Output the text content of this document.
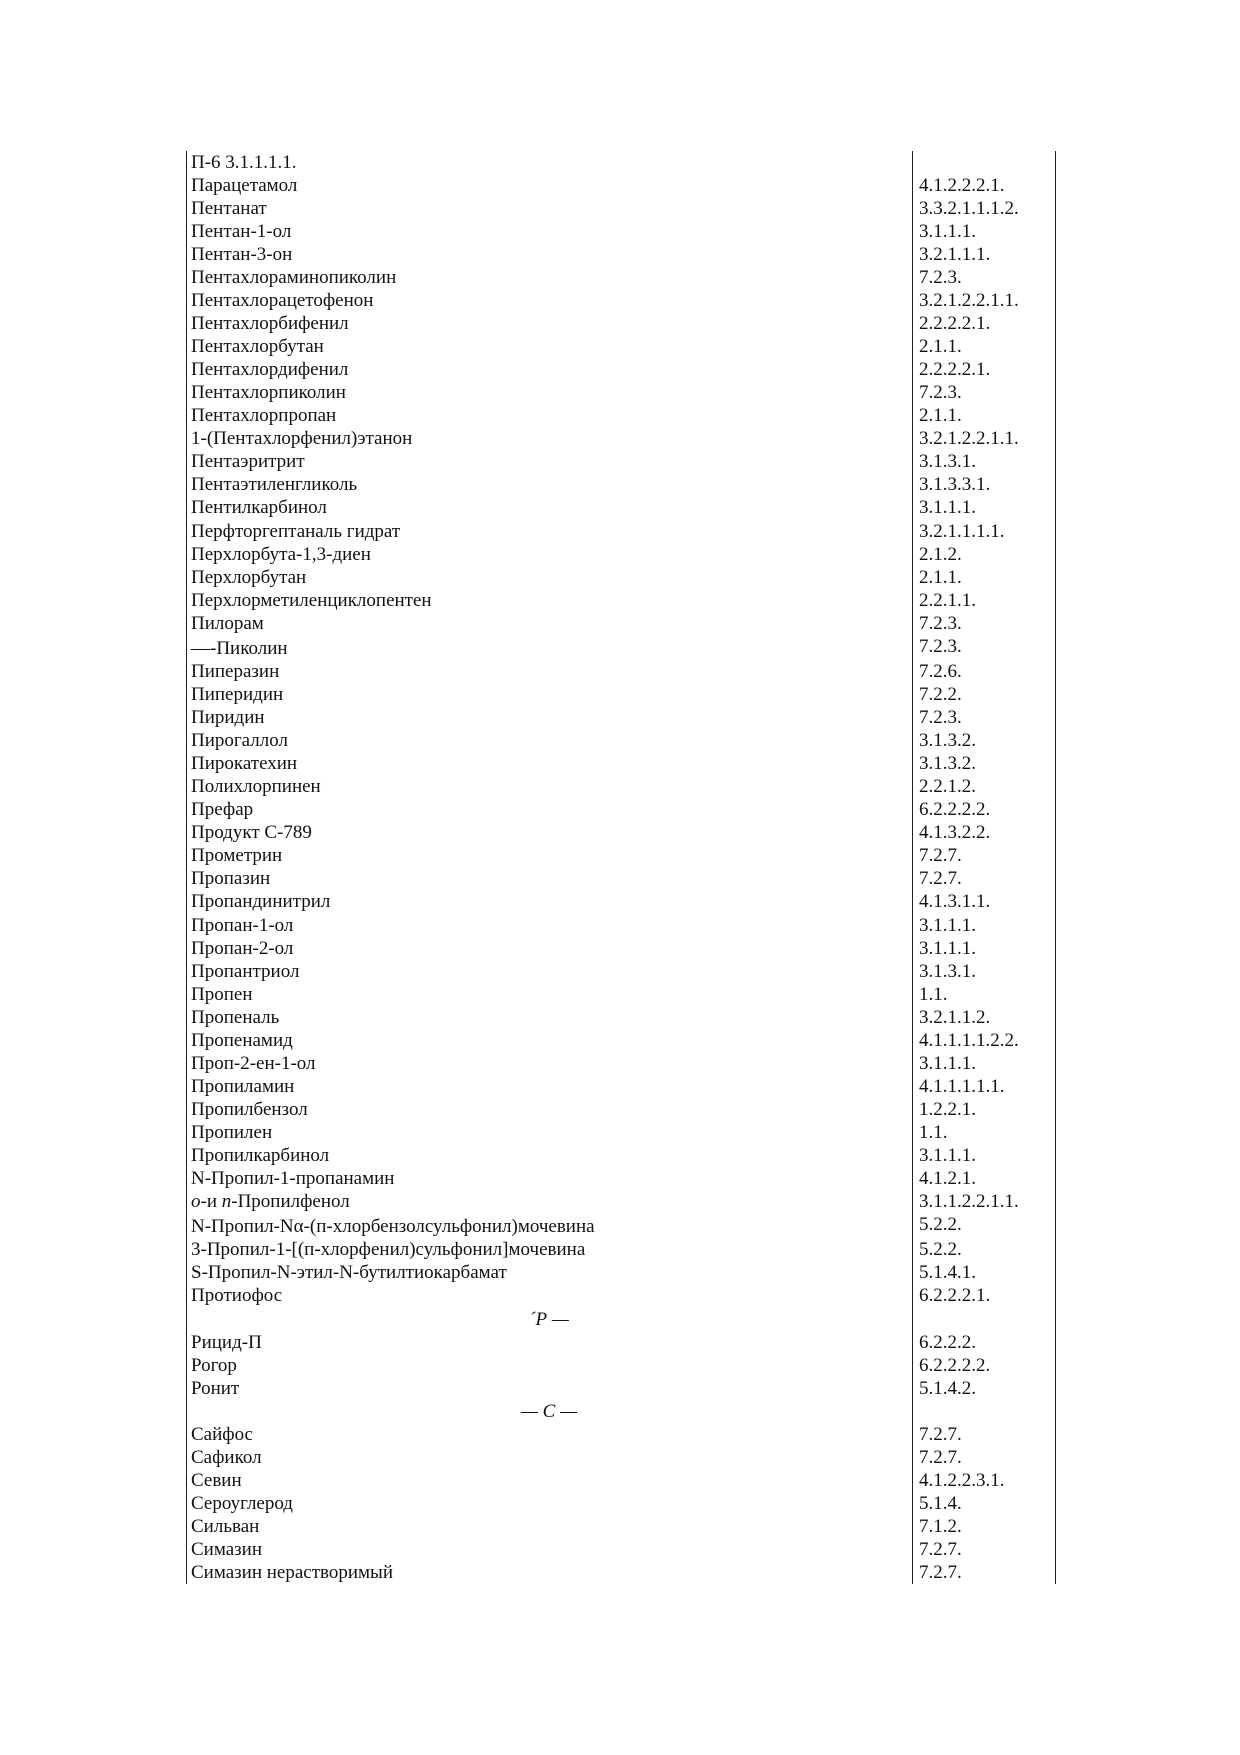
П-6 3.1.1.1.1.
Парацетамол	4.1.2.2.2.1.
Пентанат	3.3.2.1.1.1.2.
Пентан-1-ол	3.1.1.1.
Пентан-3-он	3.2.1.1.1.
Пентахлораминопиколин	7.2.3.
Пентахлорацетофенон	3.2.1.2.2.1.1.
Пентахлорбифенил	2.2.2.2.1.
Пентахлорбутан	2.1.1.
Пентахлордифенил	2.2.2.2.1.
Пентахлорпиколин	7.2.3.
Пентахлорпропан	2.1.1.
1-(Пентахлорфенил)этанон	3.2.1.2.2.1.1.
Пентаэритрит	3.1.3.1.
Пентаэтиленгликоль	3.1.3.3.1.
Пентилкарбинол	3.1.1.1.
Перфторгептаналь гидрат	3.2.1.1.1.1.
Перхлорбута-1,3-диен	2.1.2.
Перхлорбутан	2.1.1.
Перхлорметиленциклопентен	2.2.1.1.
Пилорам	7.2.3.
—-Пиколин	7.2.3.
Пиперазин	7.2.6.
Пиперидин	7.2.2.
Пиридин	7.2.3.
Пирогаллол	3.1.3.2.
Пирокатехин	3.1.3.2.
Полихлорпинен	2.2.1.2.
Префар	6.2.2.2.2.
Продукт С-789	4.1.3.2.2.
Прометрин	7.2.7.
Пропазин	7.2.7.
Пропандинитрил	4.1.3.1.1.
Пропан-1-ол	3.1.1.1.
Пропан-2-ол	3.1.1.1.
Пропантриол	3.1.3.1.
Пропен	1.1.
Пропеналь	3.2.1.1.2.
Пропенамид	4.1.1.1.1.2.2.
Проп-2-ен-1-ол	3.1.1.1.
Пропиламин	4.1.1.1.1.1.
Пропилбензол	1.2.2.1.
Пропилен	1.1.
Пропилкарбинол	3.1.1.1.
N-Пропил-1-пропанамин	4.1.2.1.
о-и n-Пропилфенол	3.1.1.2.2.1.1.
N-Пропил-Nα-(п-хлорбензолсульфонил)мочевина	5.2.2.
3-Пропил-1-[(п-хлорфенил)сульфонил]мочевина	5.2.2.
S-Пропил-N-этил-N-бутилтиокарбамат	5.1.4.1.
Протиофос	6.2.2.2.1.
´Р —
Рицид-П	6.2.2.2.
Рогор	6.2.2.2.2.
Ронит	5.1.4.2.
— С —
Сайфос	7.2.7.
Сафикол	7.2.7.
Севин	4.1.2.2.3.1.
Сероуглерод	5.1.4.
Сильван	7.1.2.
Симазин	7.2.7.
Симазин нерастворимый	7.2.7.
